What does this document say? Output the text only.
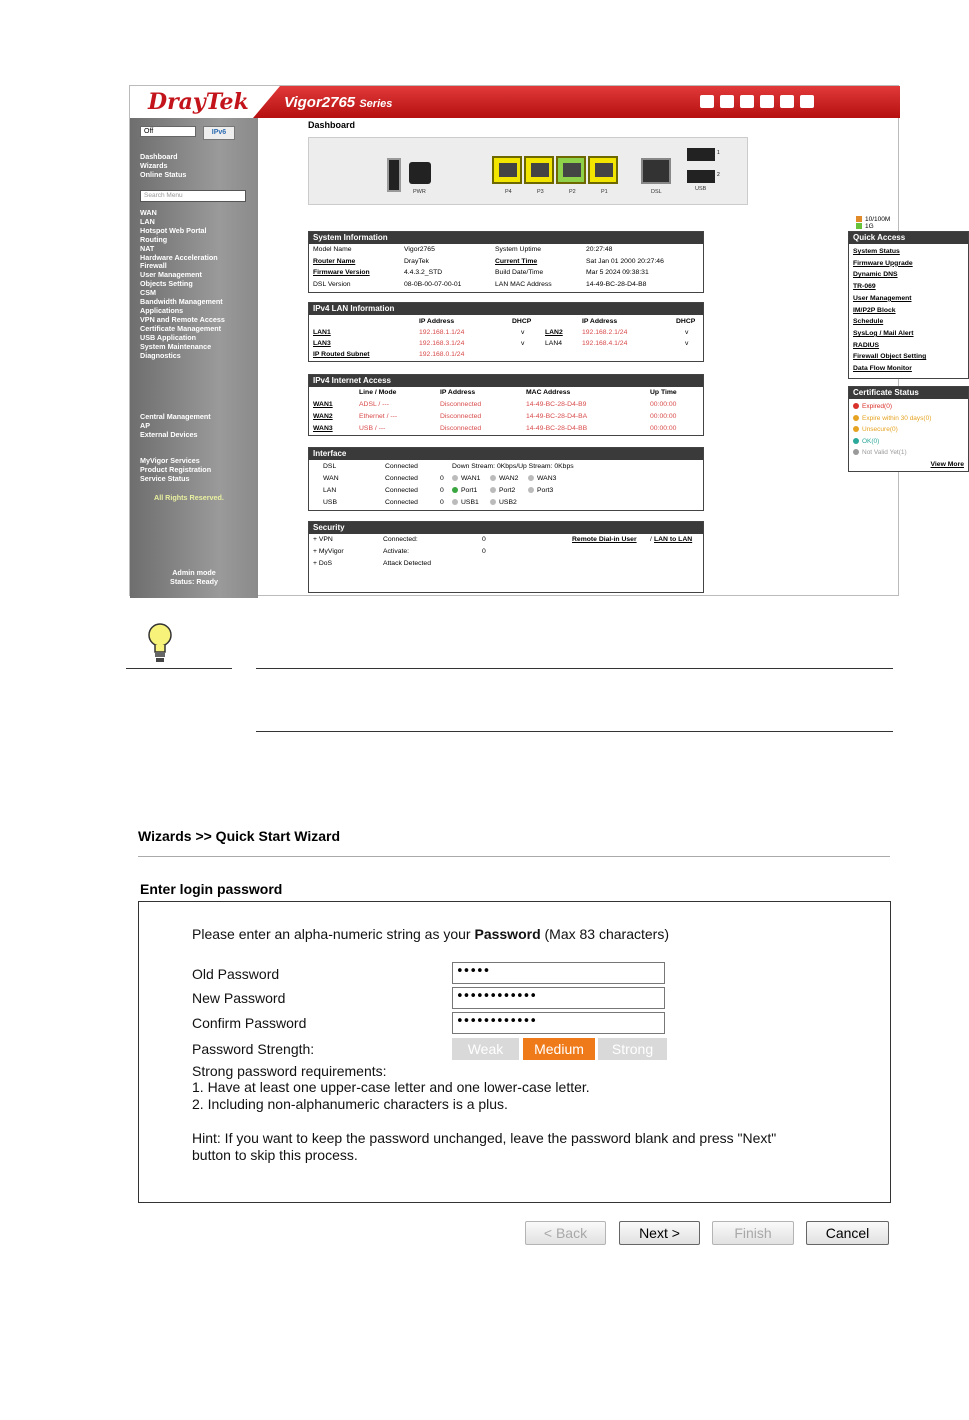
DrayTek Vigor2765 Series
Off	IPv6
Dashboard
Wizards
Online Status
Search Menu
WAN
LAN
Hotspot Web Portal
Routing
NAT
Hardware Acceleration
Firewall
User Management
Objects Setting
CSM
Bandwidth Management
Applications
VPN and Remote Access
Certificate Management
USB Application
System Maintenance
Diagnostics
Central Management
AP
External Devices
MyVigor Services
Product Registration
Service Status
All Rights Reserved.
Admin mode
Status: Ready
Dashboard
PWR	P4	P3	P2	P1	DSL
1
2
USB
10/100M  1G
System Information
Model Name	Vigor2765	System Uptime	20:27:48
Router Name	DrayTek	Current Time	Sat Jan 01 2000 20:27:46
Firmware Version	4.4.3.2_STD	Build Date/Time	Mar 5 2024 09:38:31
DSL Version	08-0B-00-07-00-01	LAN MAC Address	14-49-BC-28-D4-B8
IPv4 LAN Information
IP Address	DHCP	IP Address	DHCP
LAN1	192.168.1.1/24	v	LAN2	192.168.2.1/24	v
LAN3	192.168.3.1/24	v	LAN4	192.168.4.1/24	v
IP Routed Subnet	192.168.0.1/24
IPv4 Internet Access
Line / Mode	IP Address	MAC Address	Up Time
WAN1	ADSL / ---	Disconnected	14-49-BC-28-D4-B9	00:00:00
WAN2	Ethernet / ---	Disconnected	14-49-BC-28-D4-BA	00:00:00
WAN3	USB / ---	Disconnected	14-49-BC-28-D4-BB	00:00:00
Interface
DSL	Connected	Down Stream: 0Kbps/Up Stream: 0Kbps
WAN	Connected	0	WAN1	WAN2	WAN3
LAN	Connected	0	Port1	Port2	Port3
USB	Connected	0	USB1	USB2
Security
+ VPN	Connected:	0
+ MyVigor	Activate:	0
+ DoS	Attack Detected
Remote Dial-in User / LAN to LAN
Quick Access
System Status
Firmware Upgrade
Dynamic DNS
TR-069
User Management
IM/P2P Block
Schedule
SysLog / Mail Alert
RADIUS
Firewall Object Setting
Data Flow Monitor
Certificate Status
Expired(0)
Expire within 30 days(0)
Unsecure(0)
OK(0)
Not Valid Yet(1)
View More
Wizards >> Quick Start Wizard
Enter login password
Please enter an alpha-numeric string as your Password (Max 83 characters)
Old Password	•••••
New Password	••••••••••••
Confirm Password	••••••••••••
Password Strength:	Weak	Medium	Strong
Strong password requirements:
1. Have at least one upper-case letter and one lower-case letter.
2. Including non-alphanumeric characters is a plus.
Hint: If you want to keep the password unchanged, leave the password blank and press "Next"
button to skip this process.
< Back	Next >	Finish	Cancel
